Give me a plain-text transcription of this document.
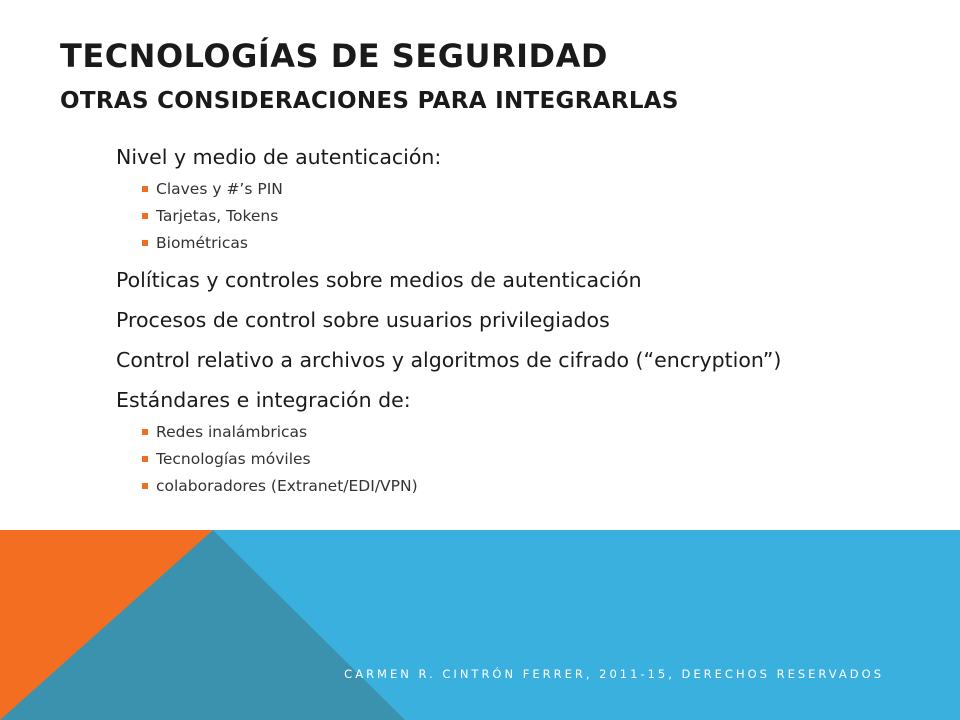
TECNOLOGÍAS DE SEGURIDAD
OTRAS CONSIDERACIONES PARA INTEGRARLAS

Nivel y medio de autenticación:

Claves y #’s PIN
Tarjetas, Tokens
Biométricas

Políticas y controles sobre medios de autenticación

Procesos de control sobre usuarios privilegiados

Control relativo a archivos y algoritmos de cifrado (“encryption”)

Estándares e integración de:

Redes inalámbricas
Tecnologías móviles
colaboradores (Extranet/EDI/VPN)
CARMEN R. CINTRÓN FERRER, 2011-15, DERECHOS RESERVADOS
